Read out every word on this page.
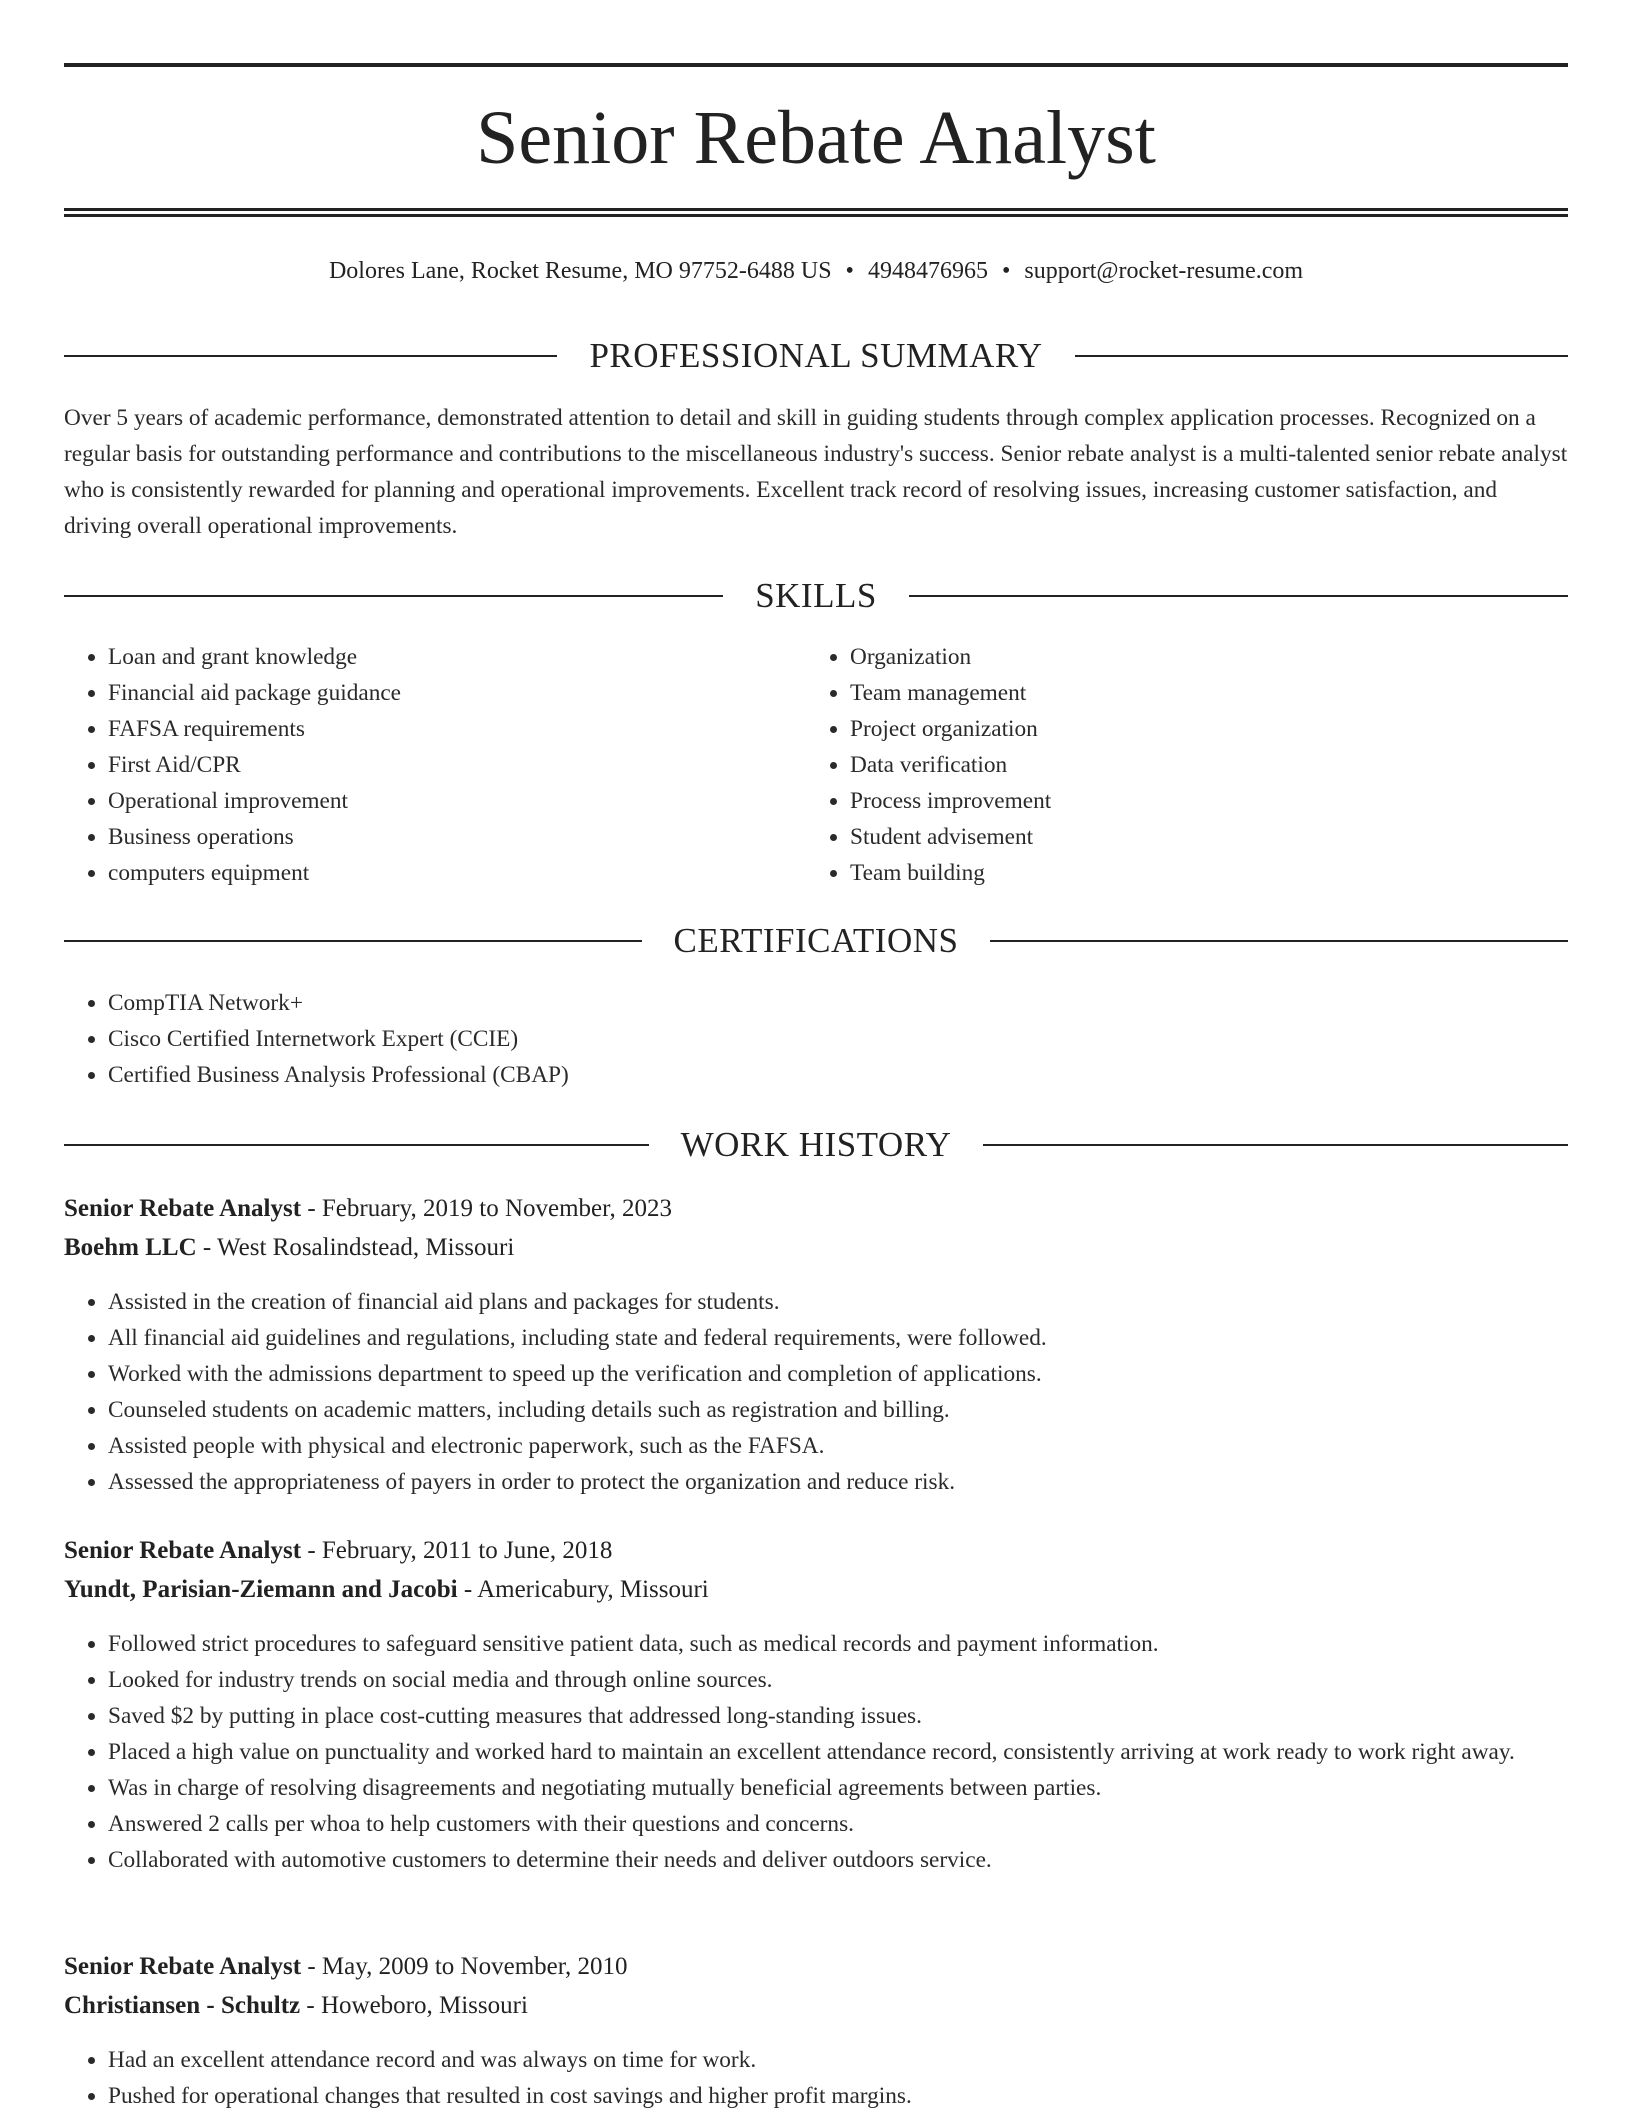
Senior Rebate Analyst
Dolores Lane, Rocket Resume, MO 97752-6488 US • 4948476965 • support@rocket-resume.com
PROFESSIONAL SUMMARY

Over 5 years of academic performance, demonstrated attention to detail and skill in guiding students through complex application processes. Recognized on a regular basis for outstanding performance and contributions to the miscellaneous industry's success. Senior rebate analyst is a multi-talented senior rebate analyst who is consistently rewarded for planning and operational improvements. Excellent track record of resolving issues, increasing customer satisfaction, and driving overall operational improvements.

SKILLS
• Loan and grant knowledge
• Financial aid package guidance
• FAFSA requirements
• First Aid/CPR
• Operational improvement
• Business operations
• computers equipment
• Organization
• Team management
• Project organization
• Data verification
• Process improvement
• Student advisement
• Team building
CERTIFICATIONS
• CompTIA Network+
• Cisco Certified Internetwork Expert (CCIE)
• Certified Business Analysis Professional (CBAP)
WORK HISTORY
Senior Rebate Analyst - February, 2019 to November, 2023
Boehm LLC - West Rosalindstead, Missouri
• Assisted in the creation of financial aid plans and packages for students.
• All financial aid guidelines and regulations, including state and federal requirements, were followed.
• Worked with the admissions department to speed up the verification and completion of applications.
• Counseled students on academic matters, including details such as registration and billing.
• Assisted people with physical and electronic paperwork, such as the FAFSA.
• Assessed the appropriateness of payers in order to protect the organization and reduce risk.
Senior Rebate Analyst - February, 2011 to June, 2018
Yundt, Parisian-Ziemann and Jacobi - Americabury, Missouri
• Followed strict procedures to safeguard sensitive patient data, such as medical records and payment information.
• Looked for industry trends on social media and through online sources.
• Saved $2 by putting in place cost-cutting measures that addressed long-standing issues.
• Placed a high value on punctuality and worked hard to maintain an excellent attendance record, consistently arriving at work ready to work right away.
• Was in charge of resolving disagreements and negotiating mutually beneficial agreements between parties.
• Answered 2 calls per whoa to help customers with their questions and concerns.
• Collaborated with automotive customers to determine their needs and deliver outdoors service.
Senior Rebate Analyst - May, 2009 to November, 2010
Christiansen - Schultz - Howeboro, Missouri
• Had an excellent attendance record and was always on time for work.
• Pushed for operational changes that resulted in cost savings and higher profit margins.
